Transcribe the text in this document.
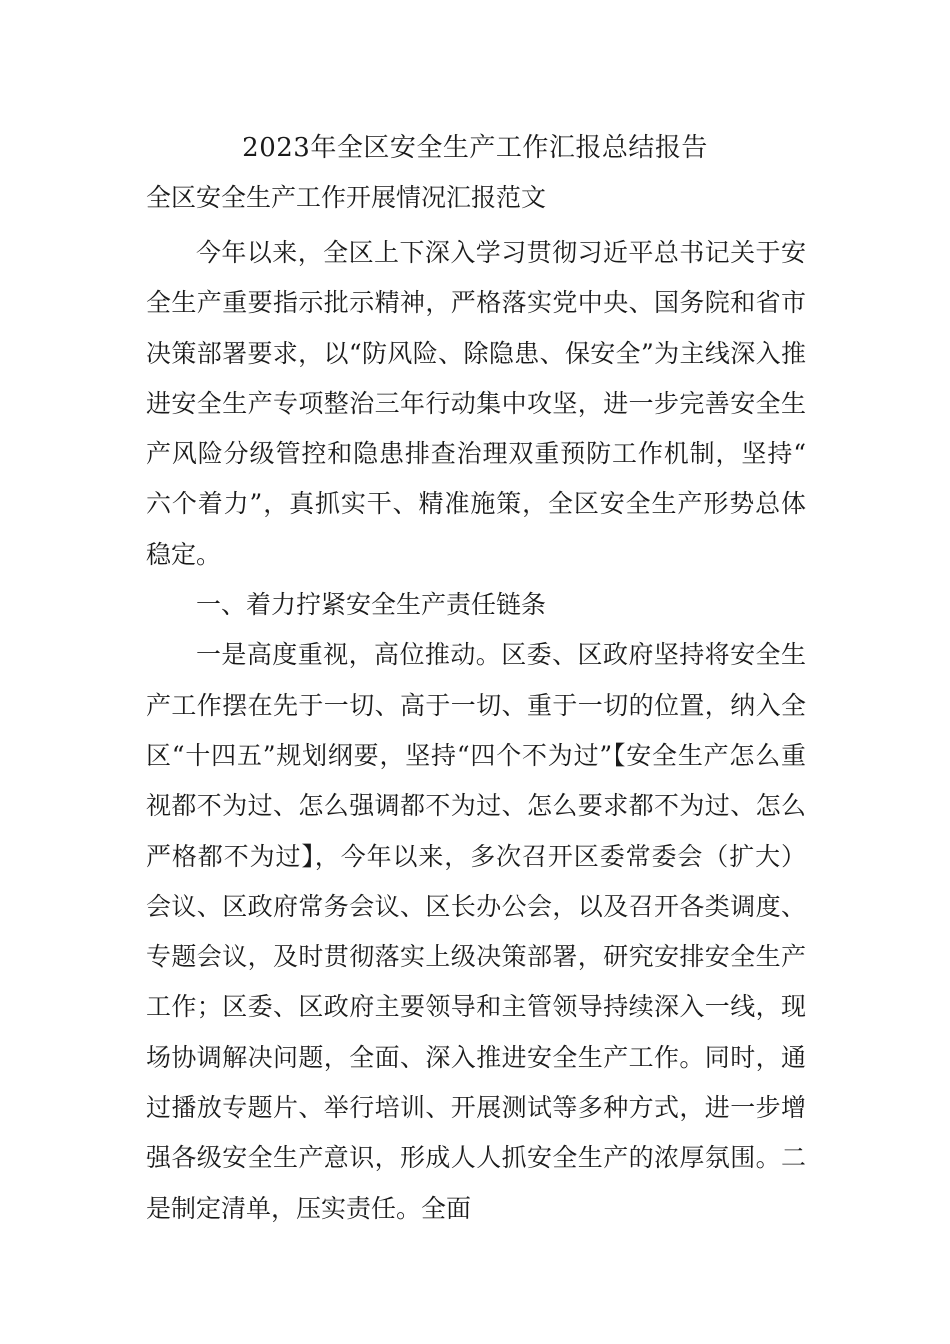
2023年全区安全生产工作汇报总结报告
全区安全生产工作开展情况汇报范文

今年以来，全区上下深入学习贯彻习近平总书记关于安全生产重要指示批示精神，严格落实党中央、国务院和省市决策部署要求，以“防风险、除隐患、保安全”为主线深入推进安全生产专项整治三年行动集中攻坚，进一步完善安全生产风险分级管控和隐患排查治理双重预防工作机制，坚持“六个着力”，真抓实干、精准施策，全区安全生产形势总体稳定。

一、着力拧紧安全生产责任链条

一是高度重视，高位推动。区委、区政府坚持将安全生产工作摆在先于一切、高于一切、重于一切的位置，纳入全区“十四五”规划纲要，坚持“四个不为过”【安全生产怎么重视都不为过、怎么强调都不为过、怎么要求都不为过、怎么严格都不为过】，今年以来，多次召开区委常委会（扩大）会议、区政府常务会议、区长办公会，以及召开各类调度、专题会议，及时贯彻落实上级决策部署，研究安排安全生产工作；区委、区政府主要领导和主管领导持续深入一线，现场协调解决问题，全面、深入推进安全生产工作。同时，通过播放专题片、举行培训、开展测试等多种方式，进一步增强各级安全生产意识，形成人人抓安全生产的浓厚氛围。二是制定清单，压实责任。全面
